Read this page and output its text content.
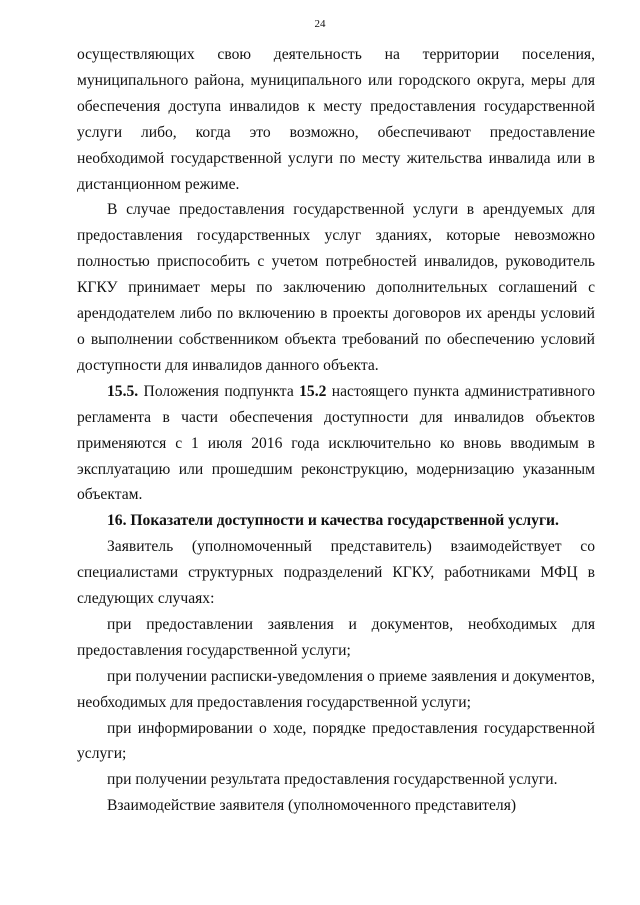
24

осуществляющих свою деятельность на территории поселения, муниципального района, муниципального или городского округа, меры для обеспечения доступа инвалидов к месту предоставления государственной услуги либо, когда это возможно, обеспечивают предоставление необходимой государственной услуги по месту жительства инвалида или в дистанционном режиме.

В случае предоставления государственной услуги в арендуемых для предоставления государственных услуг зданиях, которые невозможно полностью приспособить с учетом потребностей инвалидов, руководитель КГКУ принимает меры по заключению дополнительных соглашений с арендодателем либо по включению в проекты договоров их аренды условий о выполнении собственником объекта требований по обеспечению условий доступности для инвалидов данного объекта.

15.5. Положения подпункта 15.2 настоящего пункта административного регламента в части обеспечения доступности для инвалидов объектов применяются с 1 июля 2016 года исключительно ко вновь вводимым в эксплуатацию или прошедшим реконструкцию, модернизацию указанным объектам.

16. Показатели доступности и качества государственной услуги.

Заявитель (уполномоченный представитель) взаимодействует со специалистами структурных подразделений КГКУ, работниками МФЦ в следующих случаях:

при предоставлении заявления и документов, необходимых для предоставления государственной услуги;

при получении расписки-уведомления о приеме заявления и документов, необходимых для предоставления государственной услуги;

при информировании о ходе, порядке предоставления государственной услуги;

при получении результата предоставления государственной услуги.

Взаимодействие заявителя (уполномоченного представителя)
